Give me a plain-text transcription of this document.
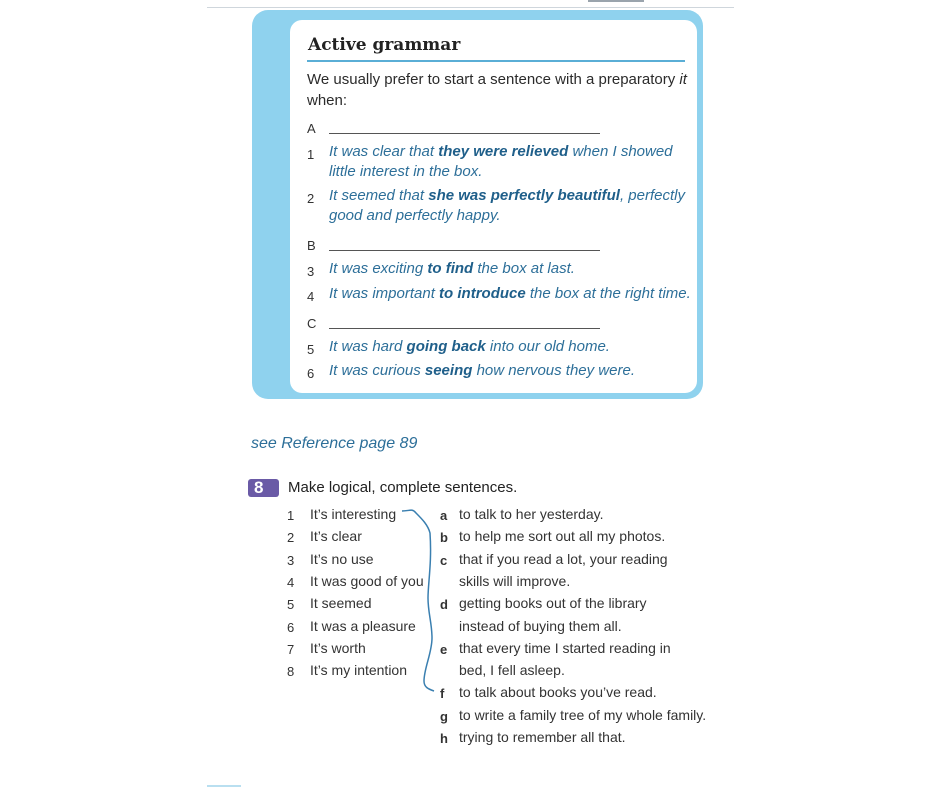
Active grammar
We usually prefer to start a sentence with a preparatory it when:
A
1 It was clear that they were relieved when I showed little interest in the box.
2 It seemed that she was perfectly beautiful, perfectly good and perfectly happy.
B
3 It was exciting to find the box at last.
4 It was important to introduce the box at the right time.
C
5 It was hard going back into our old home.
6 It was curious seeing how nervous they were.
see Reference page 89
8	Make logical, complete sentences.
1 It’s interesting
2 It’s clear
3 It’s no use
4 It was good of you
5 It seemed
6 It was a pleasure
7 It’s worth
8 It’s my intention
a to talk to her yesterday.
b to help me sort out all my photos.
c that if you read a lot, your reading
skills will improve.
d getting books out of the library
instead of buying them all.
e that every time I started reading in
bed, I fell asleep.
f to talk about books you’ve read.
g to write a family tree of my whole family.
h trying to remember all that.
